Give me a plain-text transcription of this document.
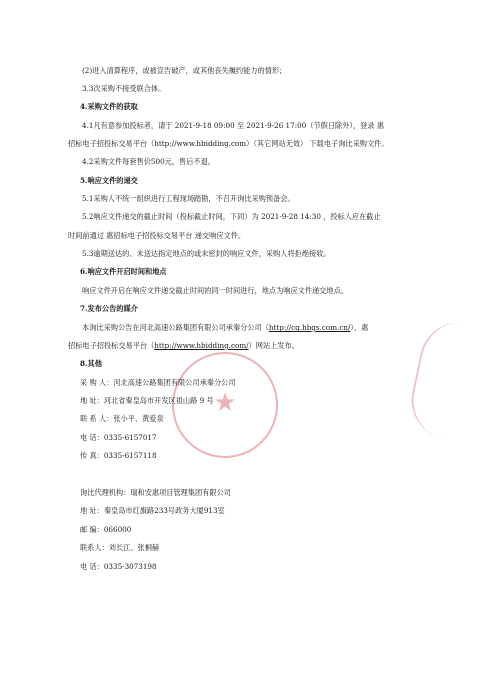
★
(2)进入清算程序，或被宣告破产，或其他丧失履约能力的情形；
3.3次采购不接受联合体。
4.采购文件的获取
4.1凡有意参加投标者，请于 2021-9-18 09:00 至 2021-9-26 17:00（节假日除外），登录 惠
招标电子招投标交易平台（http://www.hbidding.com）（其它网站无效） 下载电子询比采购文件。
4.2采购文件每套售价500元，售后不退。
5.响应文件的递交
5.1采购人不统一组织进行工程现场踏勘，不召开询比采购预备会。
5.2响应文件递交的截止时间（投标截止时间，下同）为 2021-9-28 14:30 ，投标人应在截止
时间前通过 惠招标电子招投标交易平台 递交响应文件。
5.3逾期送达的、未送达指定地点的或未密封的响应文件，采购人将拒绝接收。
6.响应文件开启时间和地点
响应文件开启在响应文件递交截止时间的同一时间进行，地点为响应文件递交地点。
7.发布公告的媒介
本询比采购公告在河北高速公路集团有限公司承秦分公司（http://cq.hbgs.com.cn/）、惠
招标电子招投标交易平台（http://www.hbidding.com/）网站上发布。
8.其他
采 购 人：河北高速公路集团有限公司承秦分公司
地 址：河北省秦皇岛市开发区祖山路 9 号
联 系 人：张小平、黄爱泉
电 话：0335-6157017
传 真：0335-6157118
询比代理机构：瑞和安惠项目管理集团有限公司
地 址：秦皇岛市红旗路233号政务大厦913室
邮 编：066000
联系人：刘长江、张桐赫
电 话：0335-3073198
